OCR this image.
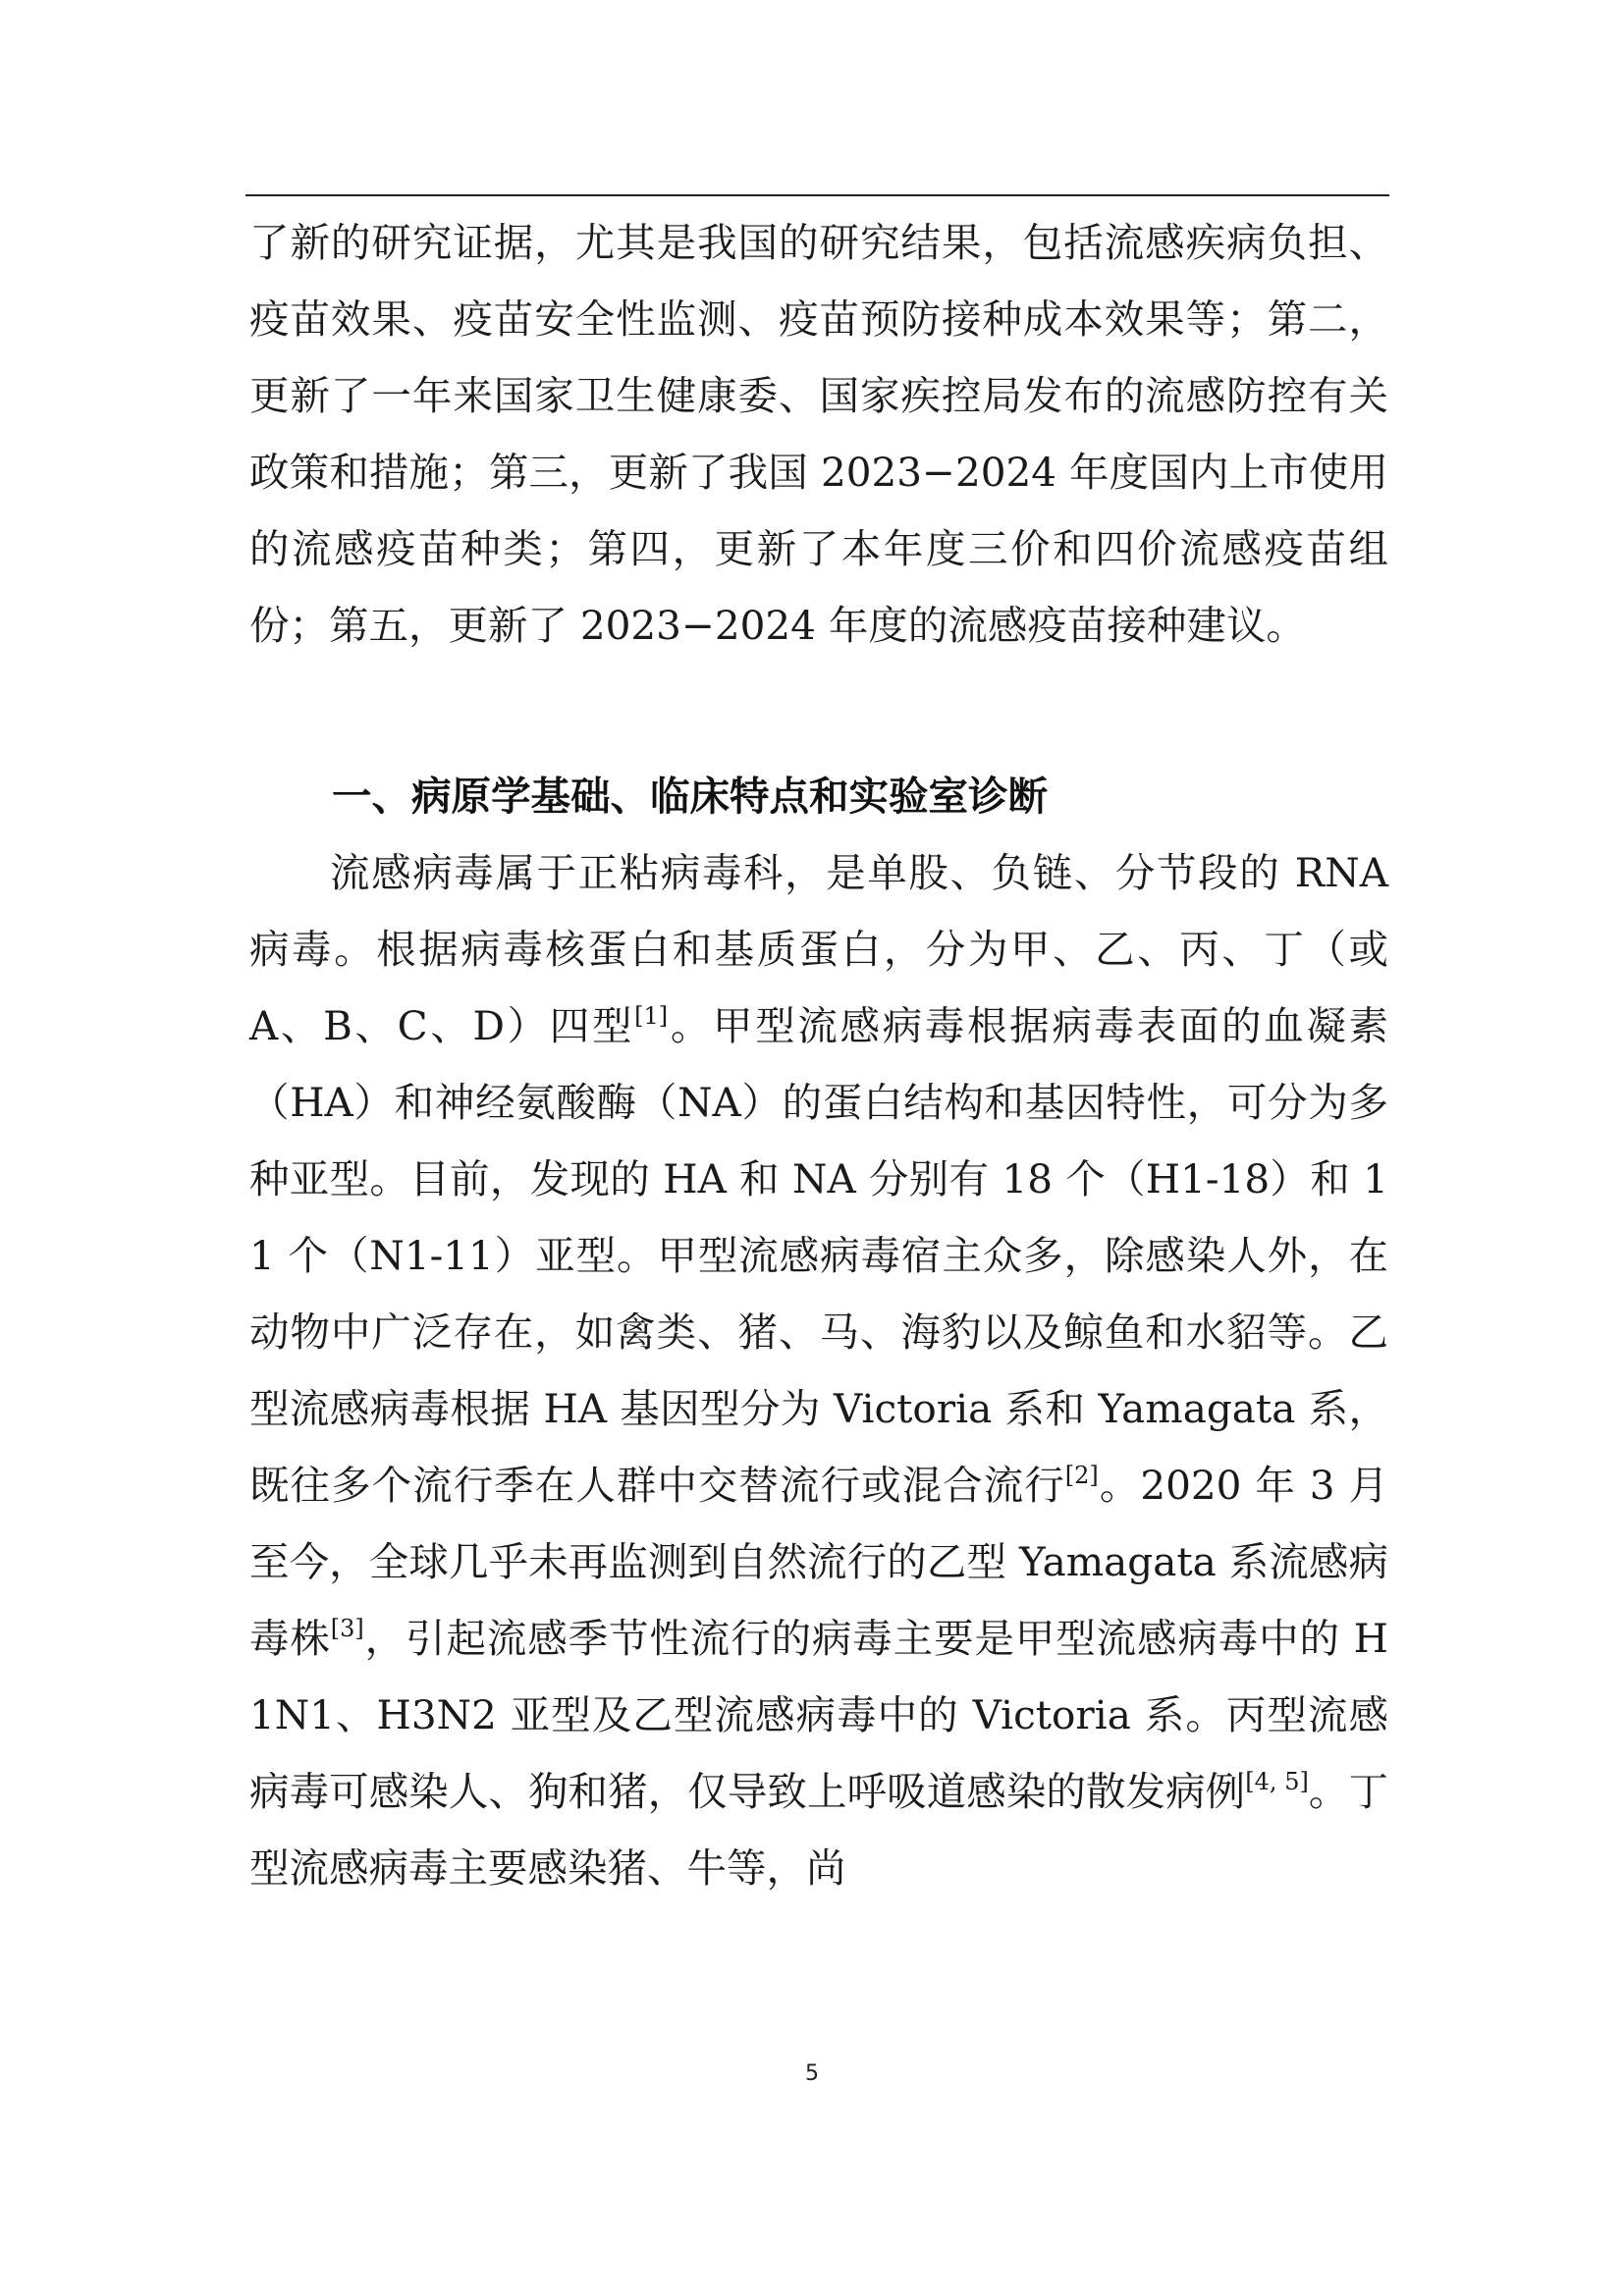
了新的研究证据，尤其是我国的研究结果，包括流感疾病负担、疫苗效果、疫苗安全性监测、疫苗预防接种成本效果等；第二，更新了一年来国家卫生健康委、国家疾控局发布的流感防控有关政策和措施；第三，更新了我国 2023−2024 年度国内上市使用的流感疫苗种类；第四，更新了本年度三价和四价流感疫苗组份；第五，更新了 2023−2024 年度的流感疫苗接种建议。

一、病原学基础、临床特点和实验室诊断

流感病毒属于正粘病毒科，是单股、负链、分节段的 RNA 病毒。根据病毒核蛋白和基质蛋白，分为甲、乙、丙、丁（或 A、B、C、D）四型[1]。甲型流感病毒根据病毒表面的血凝素（HA）和神经氨酸酶（NA）的蛋白结构和基因特性，可分为多种亚型。目前，发现的 HA 和 NA 分别有 18 个（H1-18）和 11 个（N1-11）亚型。甲型流感病毒宿主众多，除感染人外，在动物中广泛存在，如禽类、猪、马、海豹以及鲸鱼和水貂等。乙型流感病毒根据 HA 基因型分为 Victoria 系和 Yamagata 系，既往多个流行季在人群中交替流行或混合流行[2]。2020 年 3 月至今，全球几乎未再监测到自然流行的乙型 Yamagata 系流感病毒株[3]，引起流感季节性流行的病毒主要是甲型流感病毒中的 H1N1、H3N2 亚型及乙型流感病毒中的 Victoria 系。丙型流感病毒可感染人、狗和猪，仅导致上呼吸道感染的散发病例[4, 5]。丁型流感病毒主要感染猪、牛等，尚

5
